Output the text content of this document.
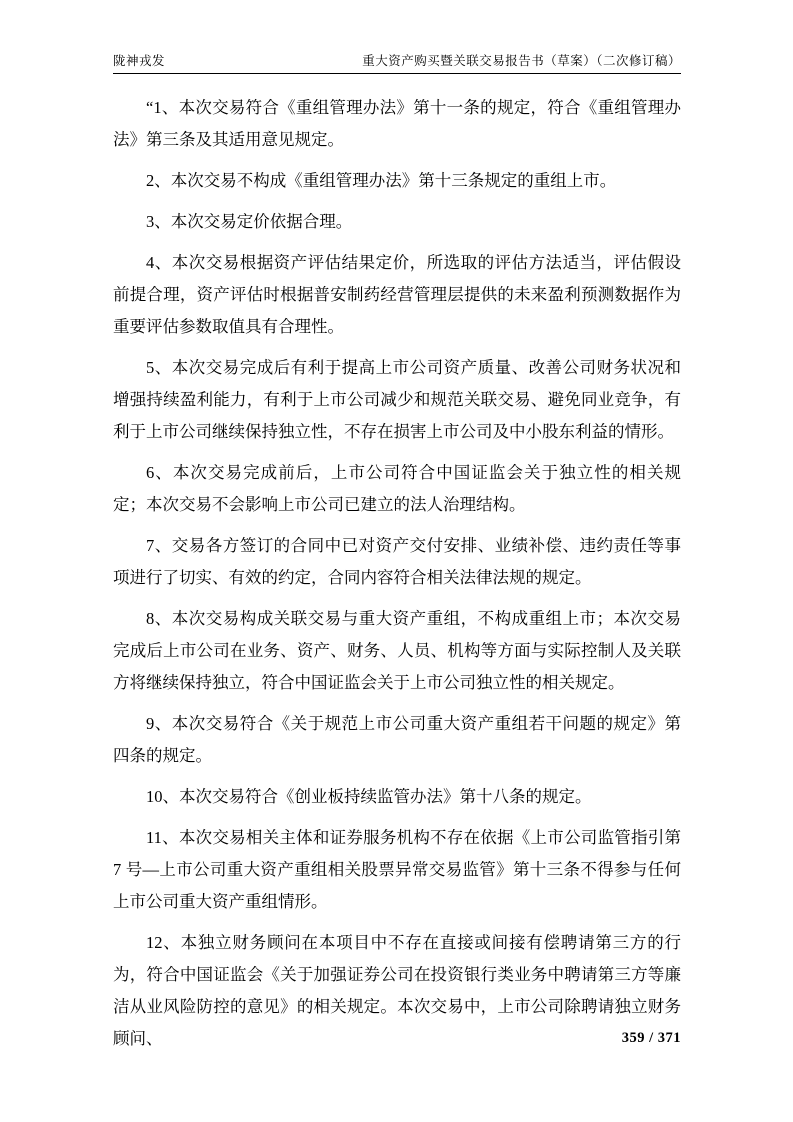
陇神戎发	重大资产购买暨关联交易报告书（草案）（二次修订稿）

“1、本次交易符合《重组管理办法》第十一条的规定，符合《重组管理办法》第三条及其适用意见规定。

2、本次交易不构成《重组管理办法》第十三条规定的重组上市。

3、本次交易定价依据合理。

4、本次交易根据资产评估结果定价，所选取的评估方法适当，评估假设前提合理，资产评估时根据普安制药经营管理层提供的未来盈利预测数据作为重要评估参数取值具有合理性。

5、本次交易完成后有利于提高上市公司资产质量、改善公司财务状况和增强持续盈利能力，有利于上市公司减少和规范关联交易、避免同业竞争，有利于上市公司继续保持独立性，不存在损害上市公司及中小股东利益的情形。

6、本次交易完成前后，上市公司符合中国证监会关于独立性的相关规定；本次交易不会影响上市公司已建立的法人治理结构。

7、交易各方签订的合同中已对资产交付安排、业绩补偿、违约责任等事项进行了切实、有效的约定，合同内容符合相关法律法规的规定。

8、本次交易构成关联交易与重大资产重组，不构成重组上市；本次交易完成后上市公司在业务、资产、财务、人员、机构等方面与实际控制人及关联方将继续保持独立，符合中国证监会关于上市公司独立性的相关规定。

9、本次交易符合《关于规范上市公司重大资产重组若干问题的规定》第四条的规定。

10、本次交易符合《创业板持续监管办法》第十八条的规定。

11、本次交易相关主体和证券服务机构不存在依据《上市公司监管指引第 7 号—上市公司重大资产重组相关股票异常交易监管》第十三条不得参与任何上市公司重大资产重组情形。

12、本独立财务顾问在本项目中不存在直接或间接有偿聘请第三方的行为，符合中国证监会《关于加强证券公司在投资银行类业务中聘请第三方等廉洁从业风险防控的意见》的相关规定。本次交易中，上市公司除聘请独立财务顾问、	359 / 371
